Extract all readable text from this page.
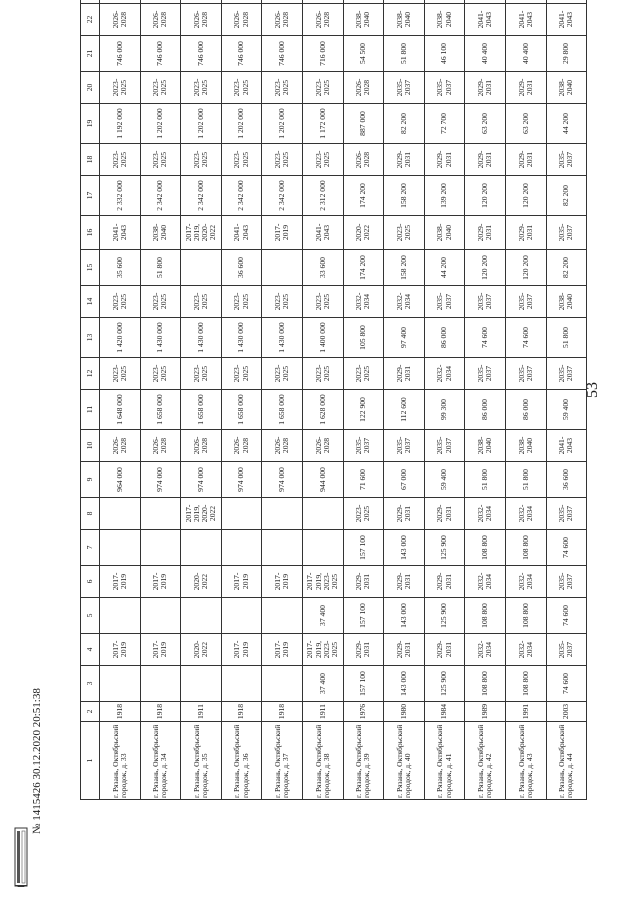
53
1	2	3	4	5	6	7	8	9	10	11	12	13	14	15	16	17	18	19	20	21	22		
г. Рязань, Октябрьский городок, д. 33	1918		2017-2019		2017-2019			964 000	2026-2028	1 648 000	2023-2025	1 420 000	2023-2025	35 600	2041-2043	2 332 000	2023-2025	1 192 000	2023-2025	746 000	2026-2028		
г. Рязань, Октябрьский городок, д. 34	1918		2017-2019		2017-2019			974 000	2026-2028	1 658 000	2023-2025	1 430 000	2023-2025	51 800	2038-2040	2 342 000	2023-2025	1 202 000	2023-2025	746 000	2026-2028		
г. Рязань, Октябрьский городок, д. 35	1911		2020-2022		2020-2022		2017-2019, 2020-2022	974 000	2026-2028	1 658 000	2023-2025	1 430 000	2023-2025		2017-2019, 2020-2022	2 342 000	2023-2025	1 202 000	2023-2025	746 000	2026-2028		
г. Рязань, Октябрьский городок, д. 36	1918		2017-2019		2017-2019			974 000	2026-2028	1 658 000	2023-2025	1 430 000	2023-2025	36 600	2041-2043	2 342 000	2023-2025	1 202 000	2023-2025	746 000	2026-2028		
г. Рязань, Октябрьский городок, д. 37	1918		2017-2019		2017-2019			974 000	2026-2028	1 658 000	2023-2025	1 430 000	2023-2025		2017-2019	2 342 000	2023-2025	1 202 000	2023-2025	746 000	2026-2028		
г. Рязань, Октябрьский городок, д. 38	1911	37 400	2017-2019, 2023-2025	37 400	2017-2019, 2023-2025			944 000	2026-2028	1 628 000	2023-2025	1 400 000	2023-2025	33 600	2041-2043	2 312 000	2023-2025	1 172 000	2023-2025	716 000	2026-2028		
г. Рязань, Октябрьский городок, д. 39	1976	157 100	2029-2031	157 100	2029-2031	157 100	2023-2025	71 600	2035-2037	122 900	2023-2025	105 800	2032-2034	174 200	2020-2022	174 200	2026-2028	887 000	2026-2028	54 500	2038-2040		
г. Рязань, Октябрьский городок, д. 40	1980	143 000	2029-2031	143 000	2029-2031	143 000	2029-2031	67 000	2035-2037	112 600	2029-2031	97 400	2032-2034	158 200	2023-2025	158 200	2029-2031	82 200	2035-2037	51 800	2038-2040		
г. Рязань, Октябрьский городок, д. 41	1984	125 900	2029-2031	125 900	2029-2031	125 900	2029-2031	59 400	2035-2037	99 300	2032-2034	86 000	2035-2037	44 200	2038-2040	139 200	2029-2031	72 700	2035-2037	46 100	2038-2040		
г. Рязань, Октябрьский городок, д. 42	1989	108 800	2032-2034	108 800	2032-2034	108 800	2032-2034	51 800	2038-2040	86 000	2035-2037	74 600	2035-2037	120 200	2029-2031	120 200	2029-2031	63 200	2029-2031	40 400	2041-2043		
г. Рязань, Октябрьский городок, д. 43	1991	108 800	2032-2034	108 800	2032-2034	108 800	2032-2034	51 800	2038-2040	86 000	2035-2037	74 600	2035-2037	120 200	2029-2031	120 200	2029-2031	63 200	2029-2031	40 400	2041-2043		
г. Рязань, Октябрьский городок, д. 44	2003	74 600	2035-2037	74 600	2035-2037	74 600	2035-2037	36 600	2041-2043	59 400	2035-2037	51 800	2038-2040	82 200	2035-2037	82 200	2035-2037	44 200	2038-2040	29 800	2041-2043		
№ 1415426 30.12.2020 20:51:38
